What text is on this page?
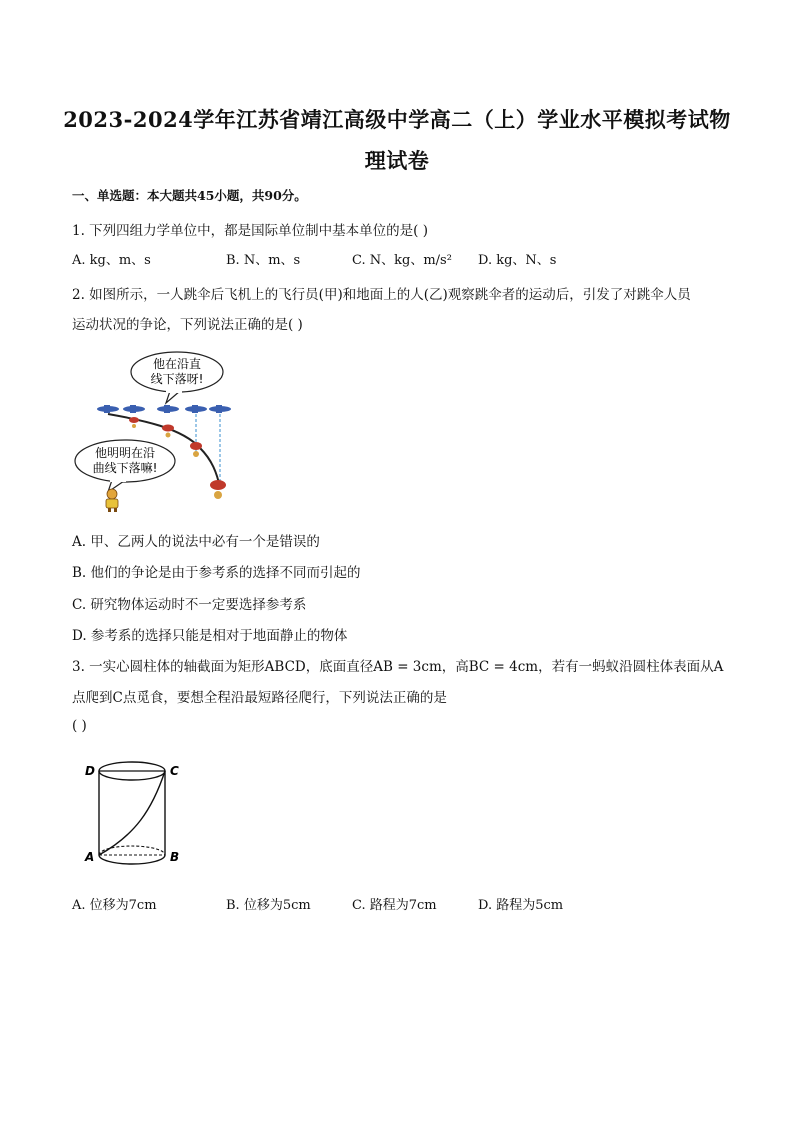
2023-2024学年江苏省靖江高级中学高二（上）学业水平模拟考试物
理试卷
一、单选题：本大题共45小题，共90分。
1. 下列四组力学单位中，都是国际单位制中基本单位的是( )
A. kg、m、s	B. N、m、s	C. N、kg、m/s² D. kg、N、s
2. 如图所示，一人跳伞后飞机上的飞行员(甲)和地面上的人(乙)观察跳伞者的运动后，引发了对跳伞人员
运动状况的争论，下列说法正确的是( )
他在沿直
线下落呀!
他明明在沿
曲线下落嘛!
A. 甲、乙两人的说法中必有一个是错误的
B. 他们的争论是由于参考系的选择不同而引起的
C. 研究物体运动时不一定要选择参考系
D. 参考系的选择只能是相对于地面静止的物体
3. 一实心圆柱体的轴截面为矩形ABCD，底面直径AB = 3cm，高BC = 4cm，若有一蚂蚁沿圆柱体表面从A
点爬到C点觅食，要想全程沿最短路径爬行，下列说法正确的是
( )
D	C
A	B
A. 位移为7cm	B. 位移为5cm	C. 路程为7cm	D. 路程为5cm
